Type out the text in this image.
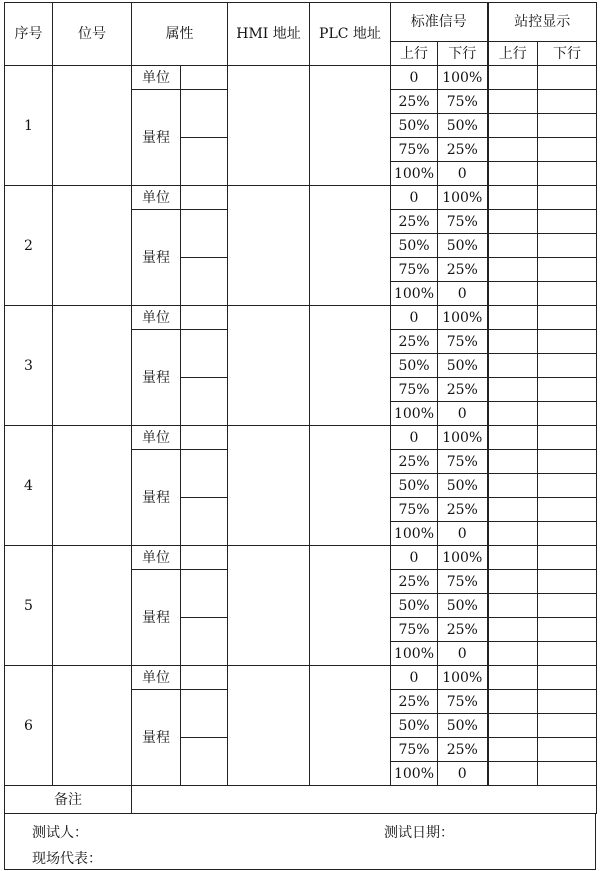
序号	位号	属性		HMI 地址	PLC 地址	标准信号		站控显示	
						上行	下行	上行	下行
1		单位				0	100%		
		量程				25%	75%		
						50%	50%		
						75%	25%		
						100%	0		
2		单位				0	100%		
		量程				25%	75%		
						50%	50%		
						75%	25%		
						100%	0		
3		单位				0	100%		
		量程				25%	75%		
						50%	50%		
						75%	25%		
						100%	0		
4		单位				0	100%		
		量程				25%	75%		
						50%	50%		
						75%	25%		
						100%	0		
5		单位				0	100%		
		量程				25%	75%		
						50%	50%		
						75%	25%		
						100%	0		
6		单位				0	100%		
		量程				25%	75%		
						50%	50%		
						75%	25%		
						100%	0		
备注									
测试人：	测试日期：
现场代表：
